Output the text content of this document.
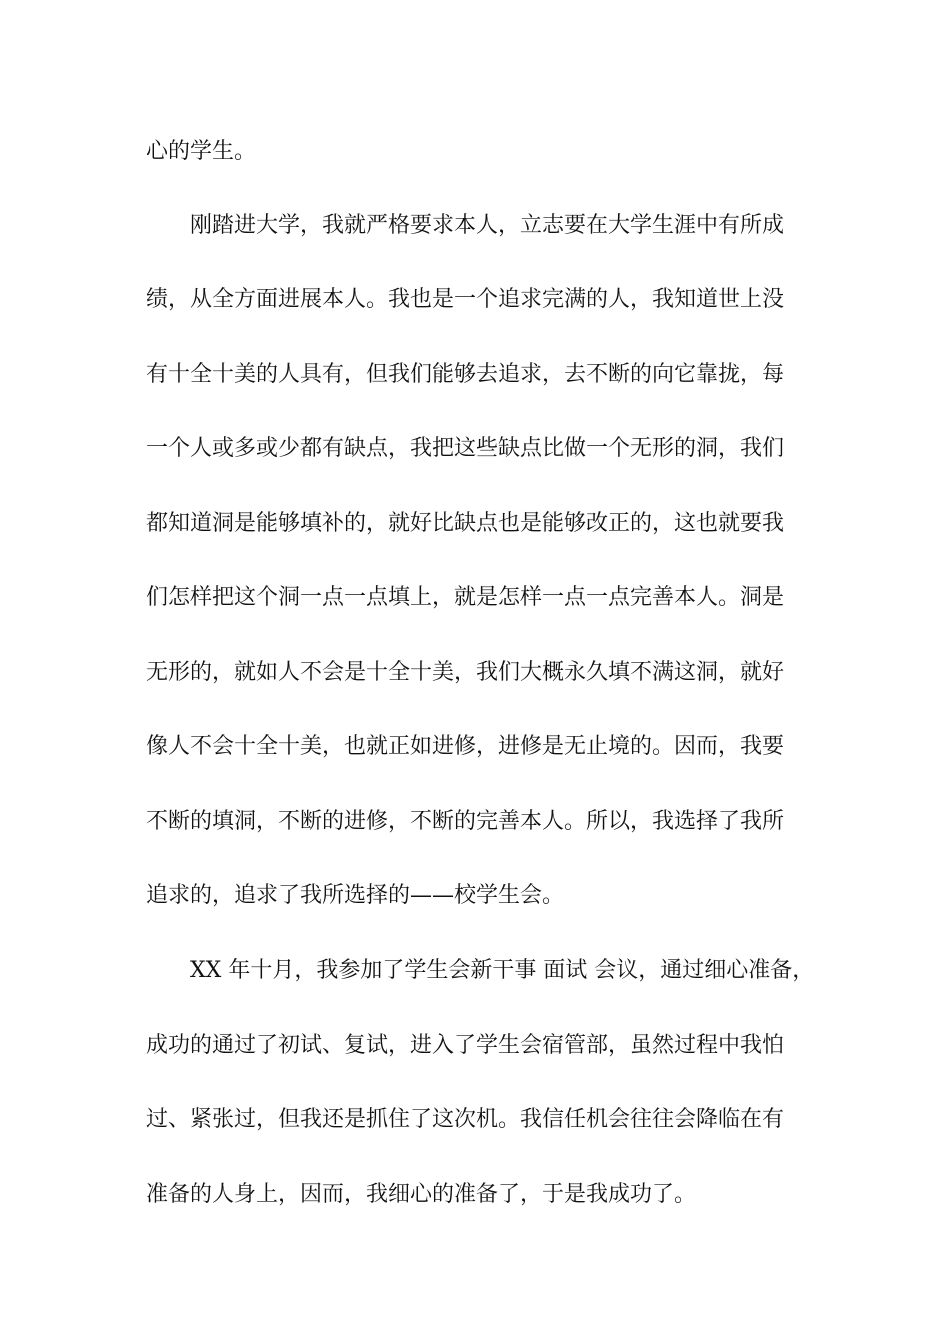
心的学生。
刚踏进大学，我就严格要求本人，立志要在大学生涯中有所成
绩，从全方面进展本人。我也是一个追求完满的人，我知道世上没
有十全十美的人具有，但我们能够去追求，去不断的向它靠拢，每
一个人或多或少都有缺点，我把这些缺点比做一个无形的洞，我们
都知道洞是能够填补的，就好比缺点也是能够改正的，这也就要我
们怎样把这个洞一点一点填上，就是怎样一点一点完善本人。洞是
无形的，就如人不会是十全十美，我们大概永久填不满这洞，就好
像人不会十全十美，也就正如进修，进修是无止境的。因而，我要
不断的填洞，不断的进修，不断的完善本人。所以，我选择了我所
追求的，追求了我所选择的——校学生会。
XX 年十月，我参加了学生会新干事 面试 会议，通过细心准备，
成功的通过了初试、复试，进入了学生会宿管部，虽然过程中我怕
过、紧张过，但我还是抓住了这次机。我信任机会往往会降临在有
准备的人身上，因而，我细心的准备了，于是我成功了。
